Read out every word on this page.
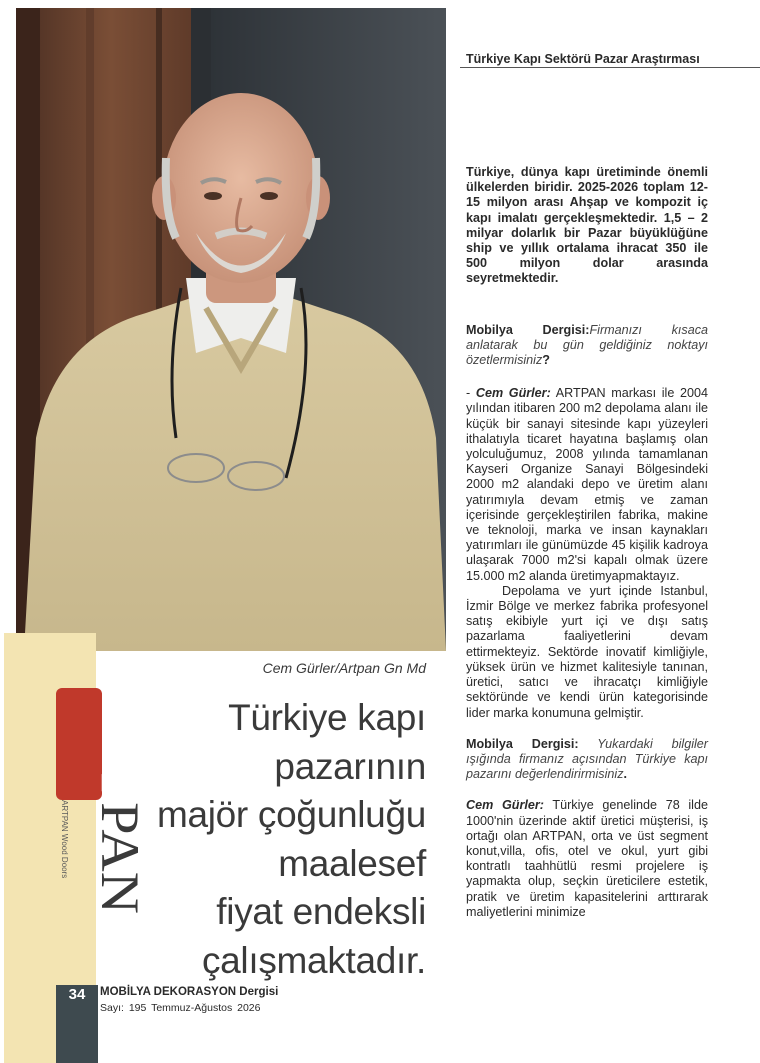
ART
PAN
ARTPAN Wood Doors
Cem Gürler/Artpan Gn Md
Türkiye kapı
pazarının
majör çoğunluğu
maalesef
fiyat endeksli
çalışmaktadır.
34	MOBİLYA DEKORASYON Dergisi
Sayı: 195 Temmuz-Ağustos 2026
Türkiye Kapı Sektörü Pazar Araştırması

Türkiye, dünya kapı üretiminde önemli ülkelerden biridir. 2025-2026 toplam 12-15 milyon arası Ahşap ve kompozit iç kapı imalatı gerçekleşmektedir. 1,5 – 2 milyar dolarlık bir Pazar büyüklüğüne ship ve yıllık ortalama ihracat 350 ile 500 milyon dolar arasında seyretmektedir.

Mobilya Dergisi:Firmanızı kısaca anlatarak bu gün geldiğiniz noktayı özetlermisiniz?

- Cem Gürler: ARTPAN markası ile 2004 yılından itibaren 200 m2 depolama alanı ile küçük bir sanayi sitesinde kapı yüzeyleri ithalatıyla ticaret hayatına başlamış olan yolculuğumuz, 2008 yılında tamamlanan Kayseri Organize Sanayi Bölgesindeki 2000 m2 alandaki depo ve üretim alanı yatırımıyla devam etmiş ve zaman içerisinde gerçekleştirilen fabrika, makine ve teknoloji, marka ve insan kaynakları yatırımları ile günümüzde 45 kişilik kadroya ulaşarak 7000 m2'si kapalı olmak üzere 15.000 m2 alanda üretimyapmaktayız.

Depolama ve yurt içinde Istanbul, İzmir Bölge ve merkez fabrika profesyonel satış ekibiyle yurt içi ve dışı satış pazarlama faaliyetlerini devam ettirmekteyiz. Sektörde inovatif kimliğiyle, yüksek ürün ve hizmet kalitesiyle tanınan, üretici, satıcı ve ihracatçı kimliğiyle sektöründe ve kendi ürün kategorisinde lider marka konumuna gelmiştir.

Mobilya Dergisi: Yukardaki bilgiler ışığında firmanız açısından Türkiye kapı pazarını değerlendirirmisiniz.

Cem Gürler: Türkiye genelinde 78 ilde 1000'nin üzerinde aktif üretici müşterisi, iş ortağı olan ARTPAN, orta ve üst segment konut,villa, ofis, otel ve okul, yurt gibi kontratlı taahhütlü resmi projelere iş yapmakta olup, seçkin üreticilere estetik, pratik ve üretim kapasitelerini arttırarak maliyetlerini minimize
